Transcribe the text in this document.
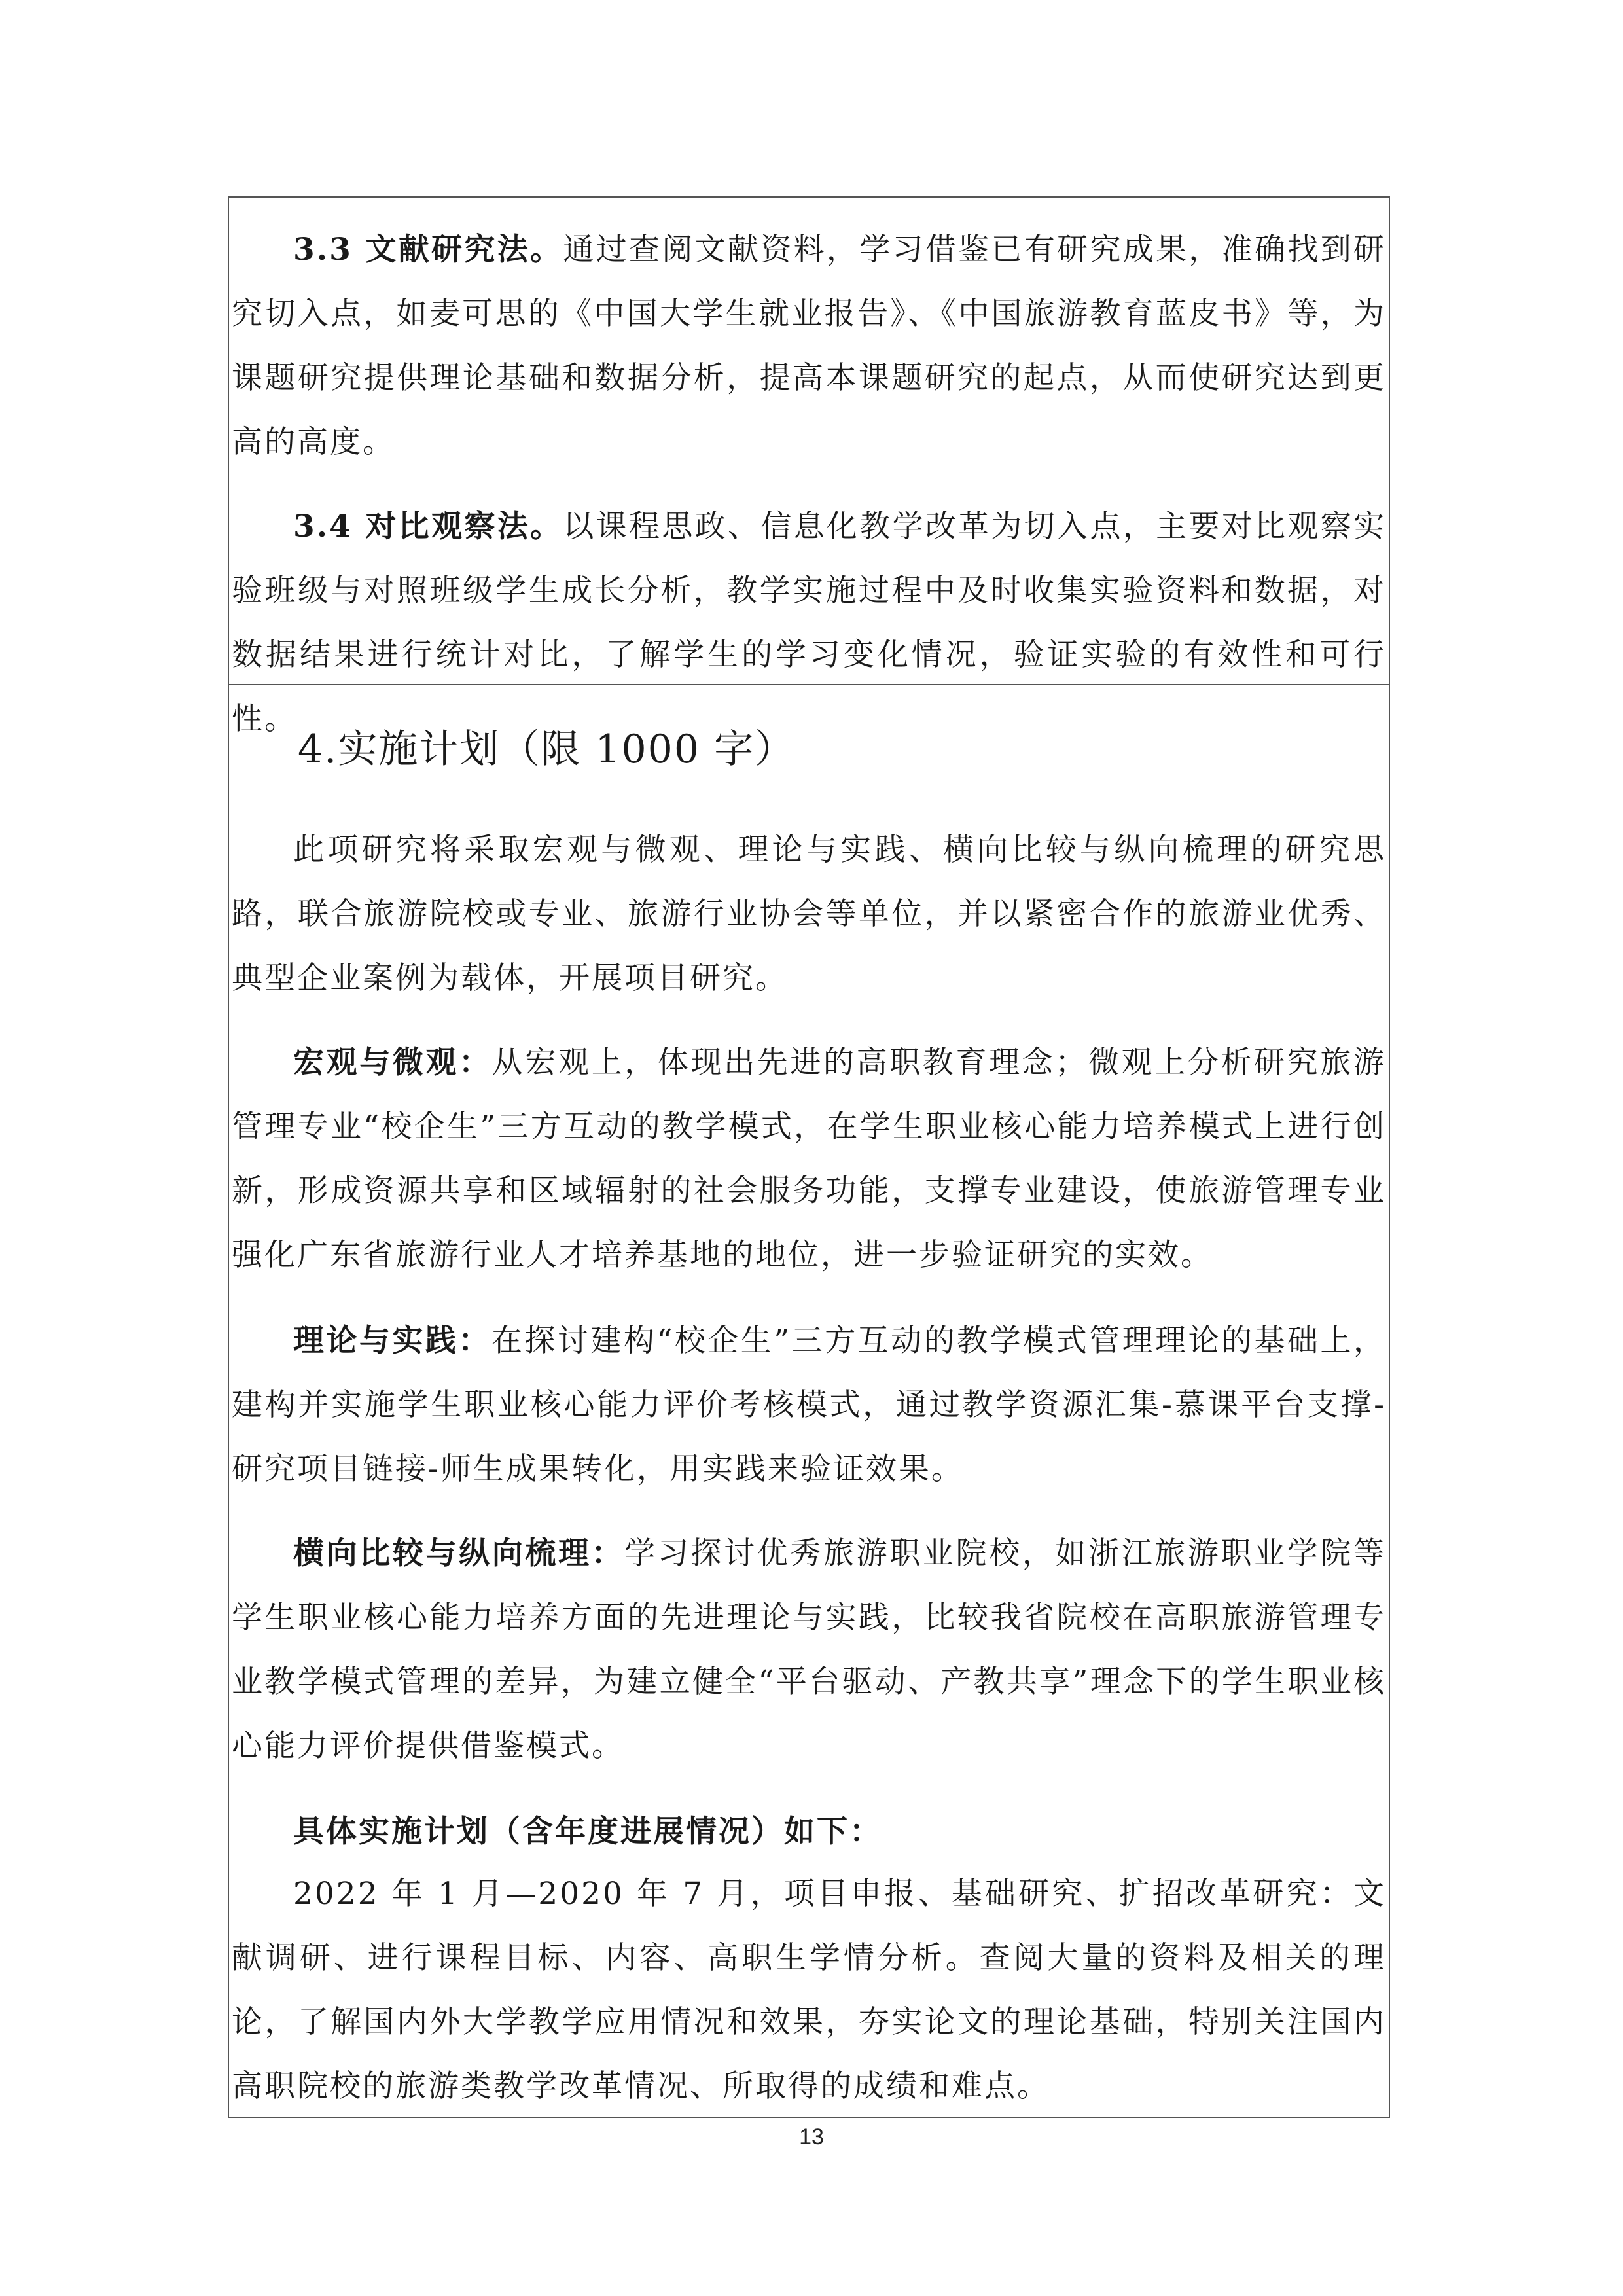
3.3 文献研究法。通过查阅文献资料，学习借鉴已有研究成果，准确找到研究切入点，如麦可思的《中国大学生就业报告》、《中国旅游教育蓝皮书》等，为课题研究提供理论基础和数据分析，提高本课题研究的起点，从而使研究达到更高的高度。
3.4 对比观察法。以课程思政、信息化教学改革为切入点，主要对比观察实验班级与对照班级学生成长分析，教学实施过程中及时收集实验资料和数据，对数据结果进行统计对比，了解学生的学习变化情况，验证实验的有效性和可行性。
4.实施计划（限 1000 字）
此项研究将采取宏观与微观、理论与实践、横向比较与纵向梳理的研究思路，联合旅游院校或专业、旅游行业协会等单位，并以紧密合作的旅游业优秀、典型企业案例为载体，开展项目研究。
宏观与微观：从宏观上，体现出先进的高职教育理念；微观上分析研究旅游管理专业“校企生”三方互动的教学模式，在学生职业核心能力培养模式上进行创新，形成资源共享和区域辐射的社会服务功能，支撑专业建设，使旅游管理专业强化广东省旅游行业人才培养基地的地位，进一步验证研究的实效。
理论与实践：在探讨建构“校企生”三方互动的教学模式管理理论的基础上，建构并实施学生职业核心能力评价考核模式，通过教学资源汇集-慕课平台支撑-研究项目链接-师生成果转化，用实践来验证效果。
横向比较与纵向梳理：学习探讨优秀旅游职业院校，如浙江旅游职业学院等学生职业核心能力培养方面的先进理论与实践，比较我省院校在高职旅游管理专业教学模式管理的差异，为建立健全“平台驱动、产教共享”理念下的学生职业核心能力评价提供借鉴模式。
具体实施计划（含年度进展情况）如下：
2022 年 1 月—2020 年 7 月，项目申报、基础研究、扩招改革研究：文献调研、进行课程目标、内容、高职生学情分析。查阅大量的资料及相关的理论，了解国内外大学教学应用情况和效果，夯实论文的理论基础，特别关注国内高职院校的旅游类教学改革情况、所取得的成绩和难点。
13
